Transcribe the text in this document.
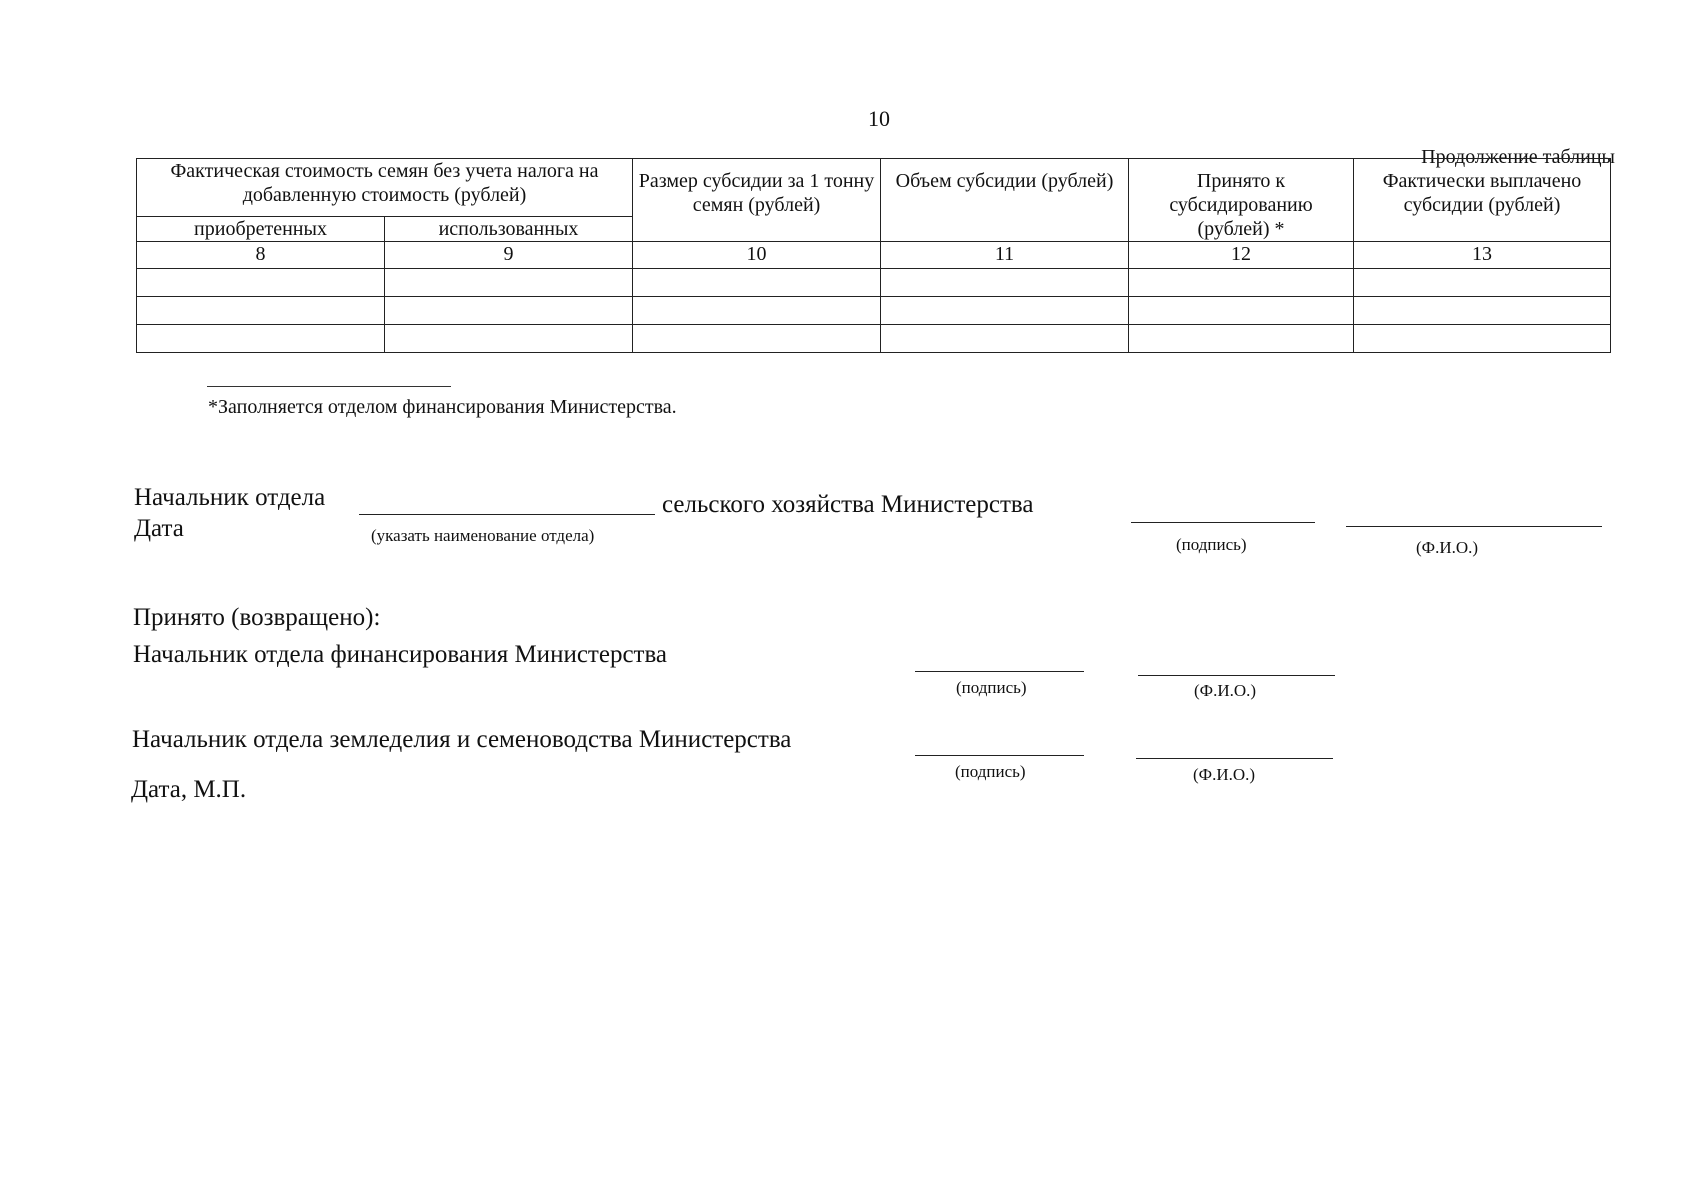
10
Продолжение таблицы
Фактическая стоимость семян без учета налога на добавленную стоимость (рублей)		Размер субсидии за 1 тонну семян (рублей)	Объем субсидии (рублей)	Принято к субсидированию (рублей) *	Фактически выплачено субсидии (рублей)
приобретенных	использованных				
8	9	10	11	12	13

*Заполняется отделом финансирования Министерства.
Начальник отдела	сельского хозяйства Министерства
Дата	(указать наименование отдела)	(подпись)	(Ф.И.О.)
Принято (возвращено):
Начальник отдела финансирования Министерства
(подпись)	(Ф.И.О.)
Начальник отдела земледелия и семеноводства Министерства
(подпись)	(Ф.И.О.)
Дата, М.П.
